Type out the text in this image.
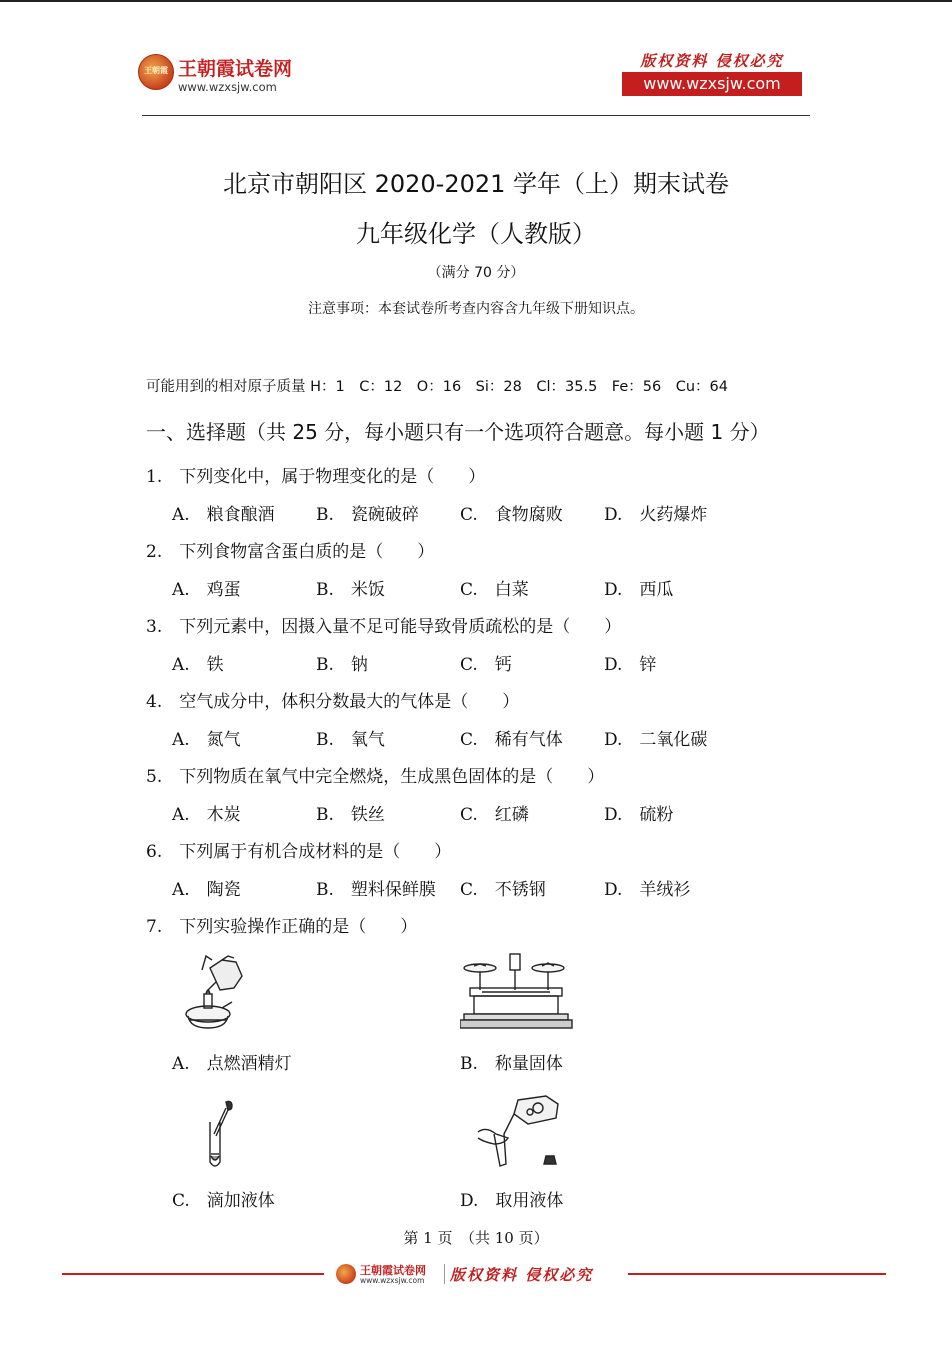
王朝霞 王朝霞试卷网
www.wzxsjw.com
版权资料 侵权必究
www.wzxsjw.com
北京市朝阳区 2020-2021 学年（上）期末试卷
九年级化学（人教版）
（满分 70 分）
注意事项：本套试卷所考查内容含九年级下册知识点。
可能用到的相对原子质量 H：1　C：12　O：16　Si：28　Cl：35.5　Fe：56　Cu：64
一、选择题（共 25 分，每小题只有一个选项符合题意。每小题 1 分）
1.　下列变化中，属于物理变化的是（　　）
A.　粮食酿酒 B.　瓷碗破碎 C.　食物腐败 D.　火药爆炸
2.　下列食物富含蛋白质的是（　　）
A.　鸡蛋	B.　米饭	C.　白菜	D.　西瓜
3.　下列元素中，因摄入量不足可能导致骨质疏松的是（　　）
A.　铁	B.　钠	C.　钙	D.　锌
4.　空气成分中，体积分数最大的气体是（　　）
A.　氮气	B.　氧气	C.　稀有气体 D.　二氧化碳
5.　下列物质在氧气中完全燃烧，生成黑色固体的是（　　）
A.　木炭	B.　铁丝	C.　红磷	D.　硫粉
6.　下列属于有机合成材料的是（　　）
A.　陶瓷	B.　塑料保鲜膜 C.　不锈钢	D.　羊绒衫
7.　下列实验操作正确的是（　　）
A.　点燃酒精灯	B.　称量固体
C.　滴加液体	D.　取用液体
第 1 页　（共 10 页）
王朝霞试卷网
www.wzxsjw.com 版权资料 侵权必究
